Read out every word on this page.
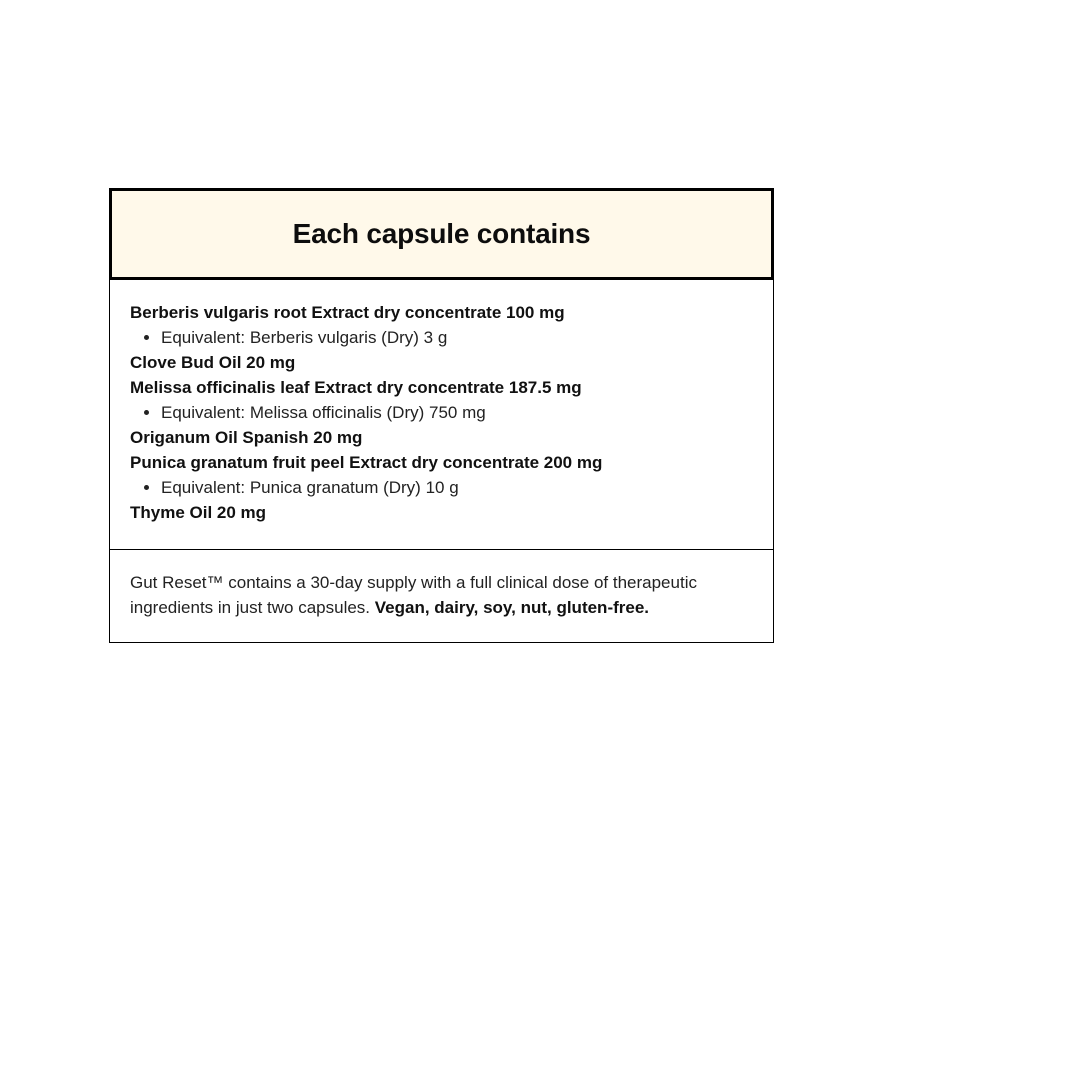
Each capsule contains

Berberis vulgaris root Extract dry concentrate 100 mg

Equivalent: Berberis vulgaris (Dry) 3 g

Clove Bud Oil 20 mg

Melissa officinalis leaf Extract dry concentrate 187.5 mg

Equivalent: Melissa officinalis (Dry) 750 mg

Origanum Oil Spanish 20 mg

Punica granatum fruit peel Extract dry concentrate 200 mg

Equivalent: Punica granatum (Dry) 10 g

Thyme Oil 20 mg

Gut Reset™ contains a 30-day supply with a full clinical dose of therapeutic ingredients in just two capsules. Vegan, dairy, soy, nut, gluten-free.
